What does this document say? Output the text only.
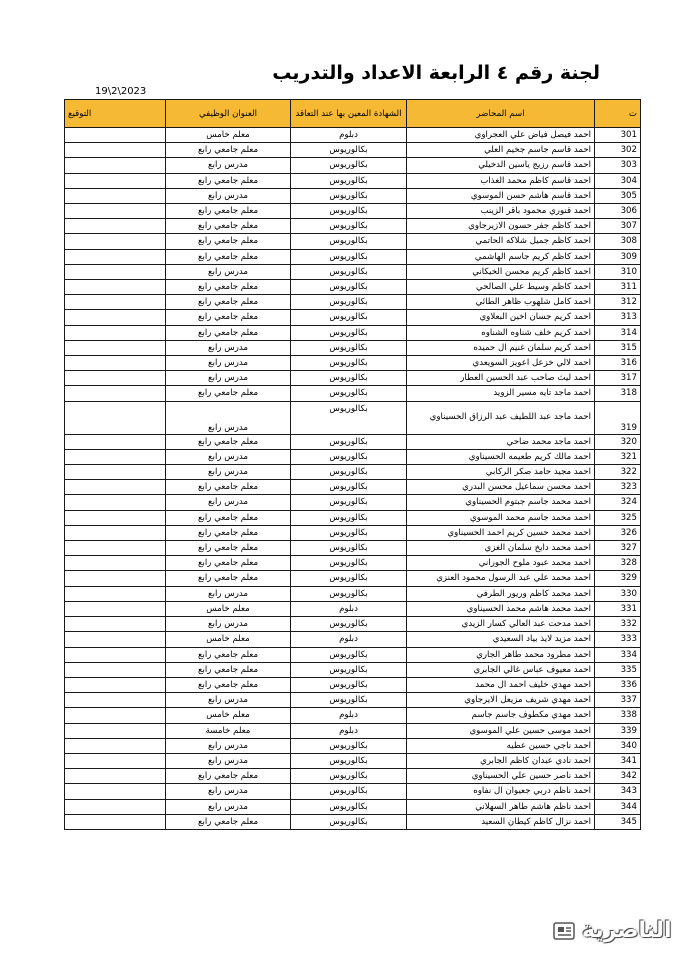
لجنة رقم ٤ الرابعة الاعداد والتدريب
19\2\2023
ت	اسم المحاضر	الشهادة المعين بها عند التعاقد	العنوان الوظيفي	التوقيع
301	احمد فيصل فياض علي العجراوي	دبلوم	معلم خامس	
302	احمد قاسم جاسم جخيم العلي	بكالوريوس	معلم جامعي رابع	
303	احمد قاسم رزيج ياسين الدخيلي	بكالوريوس	مدرس رابع	
304	احمد قاسم كاظم محمد الغذاب	بكالوريوس	معلم جامعي رابع	
305	احمد قاسم هاشم حسن الموسوي	بكالوريوس	مدرس رابع	
306	احمد قنوري محمود باقر الزينب	بكالوريوس	معلم جامعي رابع	
307	احمد كاظم جفر حسون الازيرجاوي	بكالوريوس	معلم جامعي رابع	
308	احمد كاظم جميل شلاكه الحاتمي	بكالوريوس	معلم جامعي رابع	
309	احمد كاظم كريم جاسم الهاشمي	بكالوريوس	معلم جامعي رابع	
310	احمد كاظم كريم محسن الخيكاني	بكالوريوس	مدرس رابع	
311	احمد كاظم وسيط علي الصالحي	بكالوريوس	معلم جامعي رابع	
312	احمد كامل شلهوب ظاهر الطائي	بكالوريوس	معلم جامعي رابع	
313	احمد كريم جسان اخين البعلاوي	بكالوريوس	معلم جامعي رابع	
314	احمد كريم خلف شناوه الشناوه	بكالوريوس	معلم جامعي رابع	
315	احمد كريم سلمان غنيم ال حميده	بكالوريوس	مدرس رابع	
316	احمد لالي خزعل اعويز السويعدي	بكالوريوس	مدرس رابع	
317	احمد ليث صاحب عبد الحسين العطار	بكالوريوس	مدرس رابع	
318	احمد ماجد تايه مسير الزويد	بكالوريوس	معلم جامعي رابع	
319	احمد ماجد عبد اللطيف عبد الرزاق الحسيناوي	بكالوريوس	مدرس رابع	
320	احمد ماجد محمد ضاحي	بكالوريوس	معلم جامعي رابع	
321	احمد مالك كريم طعيمه الحسيناوي	بكالوريوس	مدرس رابع	
322	احمد مجيد حامد صكر الركابي	بكالوريوس	مدرس رابع	
323	احمد محسن سماعيل محسن البدري	بكالوريوس	معلم جامعي رابع	
324	احمد محمد جاسم جبتوم الحسيناوي	بكالوريوس	مدرس رابع	
325	احمد محمد جاسم محمد الموسوي	بكالوريوس	معلم جامعي رابع	
326	احمد محمد حسين كريم احمد الحسيناوي	بكالوريوس	معلم جامعي رابع	
327	احمد محمد دايخ سلمان الغزي	بكالوريوس	معلم جامعي رابع	
328	احمد محمد عبود ملوح الجوراني	بكالوريوس	معلم جامعي رابع	
329	احمد محمد علي عبد الرسول محمود العنزي	بكالوريوس	معلم جامعي رابع	
330	احمد محمد كاظم وريور الطرفي	بكالوريوس	مدرس رابع	
331	احمد محمد هاشم محمد الحسيناوي	دبلوم	معلم خامس	
332	احمد مدحت عبد العالي كسار الزيدي	بكالوريوس	مدرس رابع	
333	احمد مزيد لايذ بياد السعيدي	دبلوم	معلم خامس	
334	احمد مطرود محمد طاهر الجاري	بكالوريوس	معلم جامعي رابع	
335	احمد معيوف عباس غالي الجابري	بكالوريوس	معلم جامعي رابع	
336	احمد مهدي خليف احمد ال محمد	بكالوريوس	معلم جامعي رابع	
337	احمد مهدي شريف مزيعل الايرجاوي	بكالوريوس	مدرس رابع	
338	احمد مهدي مكطوف جاسم جاسم	دبلوم	معلم خامس	
339	احمد موسى حسين علي الموسوي	دبلوم	معلم خامسة	
340	احمد ناجي حسين عطيه	بكالوريوس	مدرس رابع	
341	احمد نادي عبدان كاظم الجابري	بكالوريوس	مدرس رابع	
342	احمد ناصر حسين علي الحسيناوي	بكالوريوس	معلم جامعي رابع	
343	احمد ناظم دربي جعيوان ال نفاوه	بكالوريوس	مدرس رابع	
344	احمد ناظم هاشم طاهر السهلاني	بكالوريوس	مدرس رابع	
345	احمد نزال كاظم كيطان السعيد	بكالوريوس	معلم جامعي رابع	
الناصرية
